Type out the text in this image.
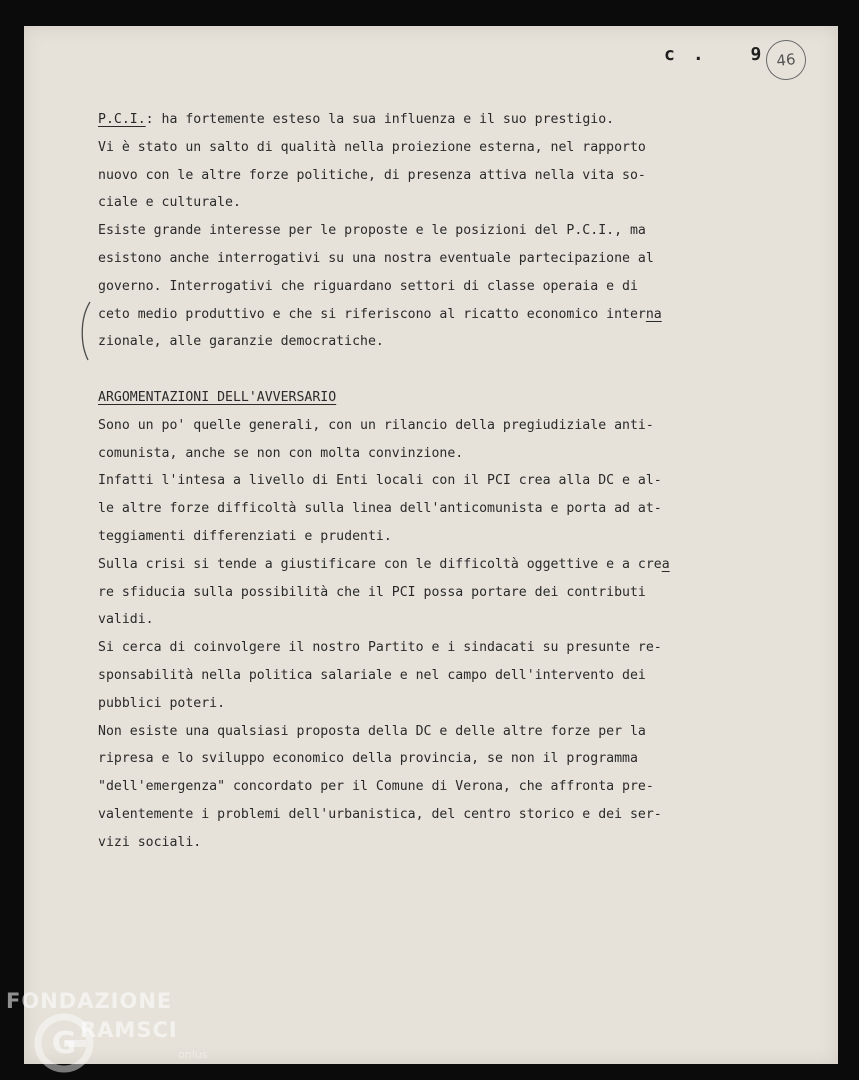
c. 9
46
P.C.I.: ha fortemente esteso la sua influenza e il suo prestigio.
Vi è stato un salto di qualità nella proiezione esterna, nel rapporto
nuovo con le altre forze politiche, di presenza attiva nella vita so-
ciale e culturale.
Esiste grande interesse per le proposte e le posizioni del P.C.I., ma
esistono anche interrogativi su una nostra eventuale partecipazione al
governo. Interrogativi che riguardano settori di classe operaia e di
ceto medio produttivo e che si riferiscono al ricatto economico interna
zionale, alle garanzie democratiche.
ARGOMENTAZIONI DELL'AVVERSARIO
Sono un po' quelle generali, con un rilancio della pregiudiziale anti-
comunista, anche se non con molta convinzione.
Infatti l'intesa a livello di Enti locali con il PCI crea alla DC e al-
le altre forze difficoltà sulla linea dell'anticomunista e porta ad at-
teggiamenti differenziati e prudenti.
Sulla crisi si tende a giustificare con le difficoltà oggettive e a crea
re sfiducia sulla possibilità che il PCI possa portare dei contributi
validi.
Si cerca di coinvolgere il nostro Partito e i sindacati su presunte re-
sponsabilità nella politica salariale e nel campo dell'intervento dei
pubblici poteri.
Non esiste una qualsiasi proposta della DC e delle altre forze per la
ripresa e lo sviluppo economico della provincia, se non il programma
"dell'emergenza" concordato per il Comune di Verona, che affronta pre-
valentemente i problemi dell'urbanistica, del centro storico e dei ser-
vizi sociali.
G
FONDAZIONE
RAMSCI
onlus
